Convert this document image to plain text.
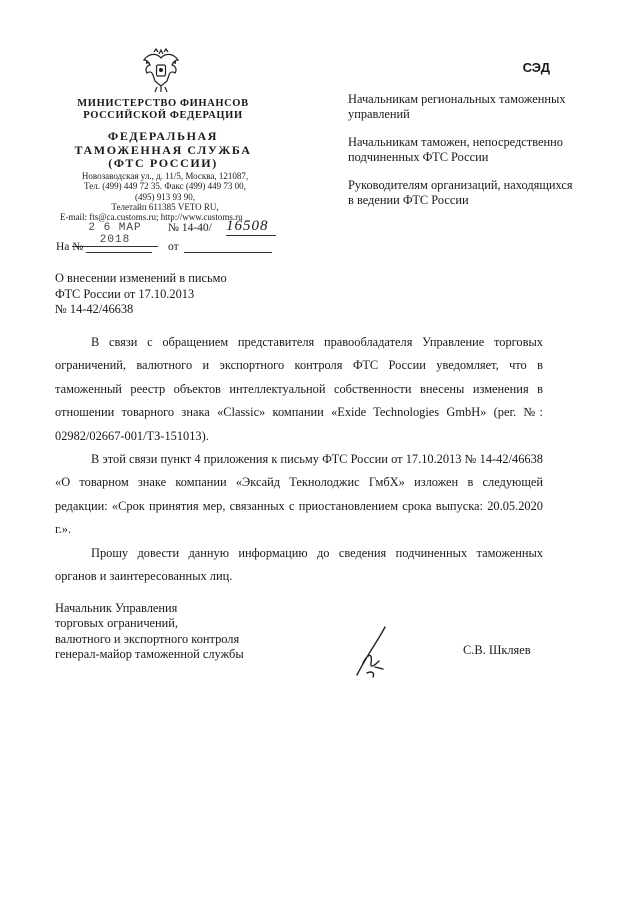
МИНИСТЕРСТВО ФИНАНСОВ
РОССИЙСКОЙ ФЕДЕРАЦИИ
ФЕДЕРАЛЬНАЯ
ТАМОЖЕННАЯ СЛУЖБА
(ФТС РОССИИ)
Новозаводская ул., д. 11/5, Москва, 121087,
Тел. (499) 449 72 35. Факс (499) 449 73 00,
(495) 913 93 90,
Телетайп 611385 VETO RU,
E-mail: fts@ca.customs.ru; http://www.customs.ru
СЭД

Начальникам региональных таможенных управлений

Начальникам таможен, непосредственно подчиненных ФТС России

Руководителям организаций, находящихся в ведении ФТС России

2 6 МАР 2018
№ 14-40/ 16508
На №	от
О внесении изменений в письмо
ФТС России от 17.10.2013
№ 14-42/46638

В связи с обращением представителя правообладателя Управление торговых ограничений, валютного и экспортного контроля ФТС России уведомляет, что в таможенный реестр объектов интеллектуальной собственности внесены изменения в отношении товарного знака «Classic» компании «Exide Technologies GmbH» (рег. №: 02982/02667-001/ТЗ-151013).

В этой связи пункт 4 приложения к письму ФТС России от 17.10.2013 № 14-42/46638 «О товарном знаке компании «Эксайд Текнолоджис ГмбХ» изложен в следующей редакции: «Срок принятия мер, связанных с приостановлением срока выпуска: 20.05.2020 г.».

Прошу довести данную информацию до сведения подчиненных таможенных органов и заинтересованных лиц.

Начальник Управления
торговых ограничений,
валютного и экспортного контроля
генерал-майор таможенной службы	С.В. Шкляев
